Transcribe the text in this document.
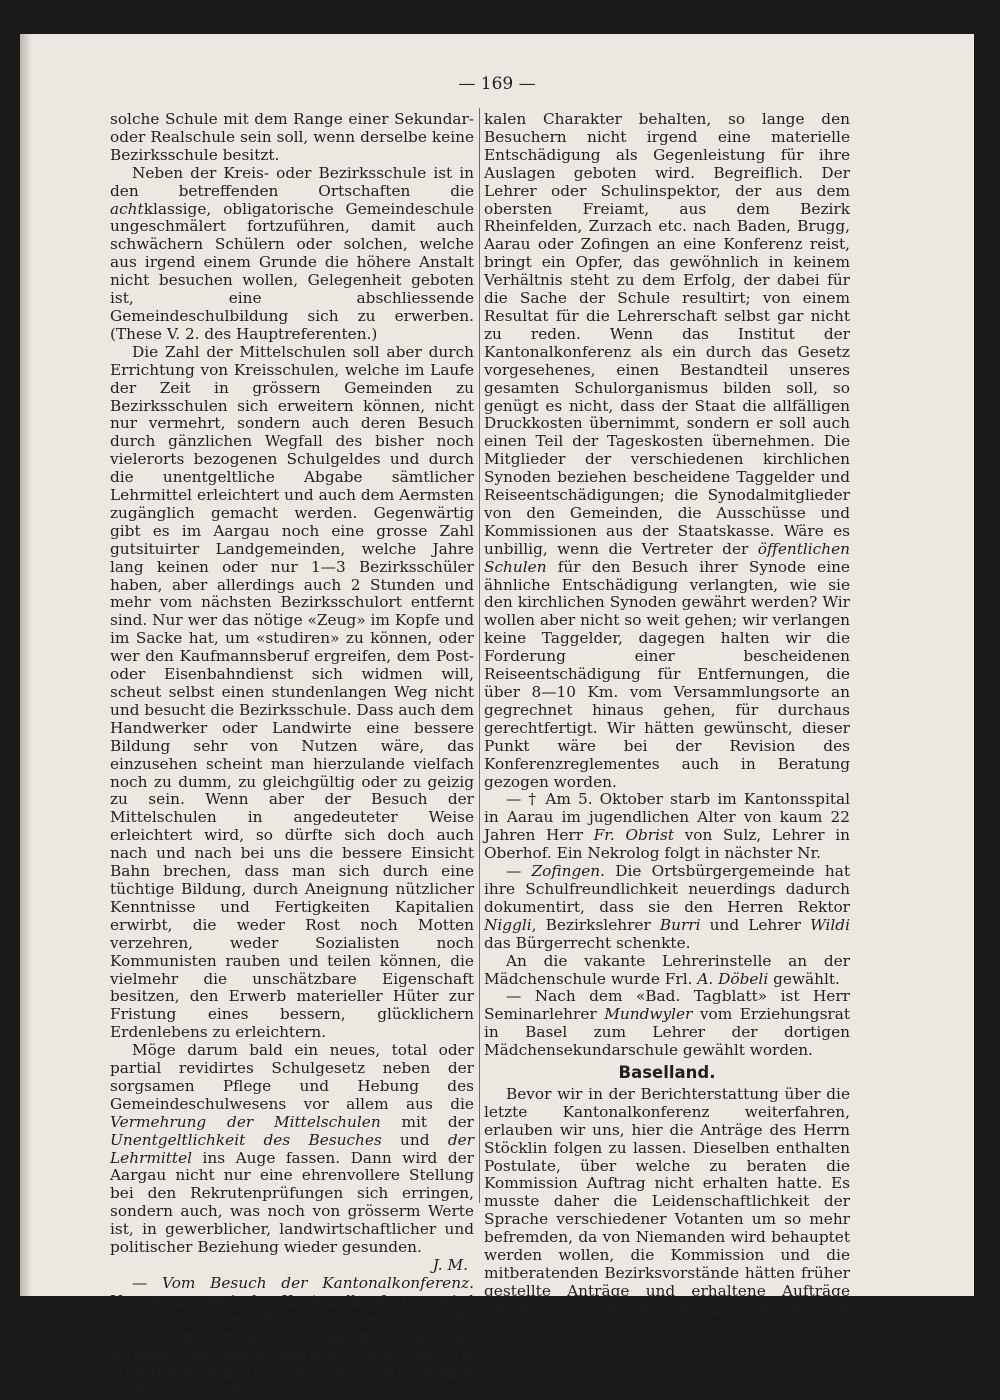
— 169 —

solche Schule mit dem Range einer Sekundar- oder Realschule sein soll, wenn derselbe keine Bezirksschule besitzt.

Neben der Kreis- oder Bezirksschule ist in den betreffenden Ortschaften die achtklassige, obligatorische Gemeindeschule ungeschmälert fortzuführen, damit auch schwächern Schülern oder solchen, welche aus irgend einem Grunde die höhere Anstalt nicht besuchen wollen, Gelegenheit geboten ist, eine abschliessende Gemeindeschulbildung sich zu erwerben. (These V. 2. des Hauptreferenten.)

Die Zahl der Mittelschulen soll aber durch Errichtung von Kreisschulen, welche im Laufe der Zeit in grössern Gemeinden zu Bezirksschulen sich erweitern können, nicht nur vermehrt, sondern auch deren Besuch durch gänzlichen Wegfall des bisher noch vielerorts bezogenen Schulgeldes und durch die unentgeltliche Abgabe sämtlicher Lehrmittel erleichtert und auch dem Aermsten zugänglich gemacht werden. Gegenwärtig gibt es im Aargau noch eine grosse Zahl gutsituirter Landgemeinden, welche Jahre lang keinen oder nur 1—3 Bezirksschüler haben, aber allerdings auch 2 Stunden und mehr vom nächsten Bezirksschulort entfernt sind. Nur wer das nötige «Zeug» im Kopfe und im Sacke hat, um «studiren» zu können, oder wer den Kaufmannsberuf ergreifen, dem Post- oder Eisenbahndienst sich widmen will, scheut selbst einen stundenlangen Weg nicht und besucht die Bezirksschule. Dass auch dem Handwerker oder Landwirte eine bessere Bildung sehr von Nutzen wäre, das einzusehen scheint man hierzulande vielfach noch zu dumm, zu gleichgültig oder zu geizig zu sein. Wenn aber der Besuch der Mittelschulen in angedeuteter Weise erleichtert wird, so dürfte sich doch auch nach und nach bei uns die bessere Einsicht Bahn brechen, dass man sich durch eine tüchtige Bildung, durch Aneignung nützlicher Kenntnisse und Fertigkeiten Kapitalien erwirbt, die weder Rost noch Motten verzehren, weder Sozialisten noch Kommunisten rauben und teilen können, die vielmehr die unschätzbare Eigenschaft besitzen, den Erwerb materieller Hüter zur Fristung eines bessern, glücklichern Erdenlebens zu erleichtern.

Möge darum bald ein neues, total oder partial revidirtes Schulgesetz neben der sorgsamen Pflege und Hebung des Gemeindeschulwesens vor allem aus die Vermehrung der Mittelschulen mit der Unentgeltlichkeit des Besuches und der Lehrmittel ins Auge fassen. Dann wird der Aargau nicht nur eine ehrenvollere Stellung bei den Rekrutenprüfungen sich erringen, sondern auch, was noch von grösserm Werte ist, in gewerblicher, landwirtschaftlicher und politischer Beziehung wieder gesunden.

J. M.

— Vom Besuch der Kantonalkonferenz. Unsere aargauische Kantonalkonferenz wird jeweilen von der Lehrerschaft der in der Nähe des Konferenzortes gelegenen Bezirke ziemlich zahlreich besucht, während die entferntern gar nicht oder nur sehr spärlich vertreten sind. Sie wird auch diesen lo-

kalen Charakter behalten, so lange den Besuchern nicht irgend eine materielle Entschädigung als Gegenleistung für ihre Auslagen geboten wird. Begreiflich. Der Lehrer oder Schulinspektor, der aus dem obersten Freiamt, aus dem Bezirk Rheinfelden, Zurzach etc. nach Baden, Brugg, Aarau oder Zofingen an eine Konferenz reist, bringt ein Opfer, das gewöhnlich in keinem Verhältnis steht zu dem Erfolg, der dabei für die Sache der Schule resultirt; von einem Resultat für die Lehrerschaft selbst gar nicht zu reden. Wenn das Institut der Kantonalkonferenz als ein durch das Gesetz vorgesehenes, einen Bestandteil unseres gesamten Schulorganismus bilden soll, so genügt es nicht, dass der Staat die allfälligen Druckkosten übernimmt, sondern er soll auch einen Teil der Tageskosten übernehmen. Die Mitglieder der verschiedenen kirchlichen Synoden beziehen bescheidene Taggelder und Reiseentschädigungen; die Synodalmitglieder von den Gemeinden, die Ausschüsse und Kommissionen aus der Staatskasse. Wäre es unbillig, wenn die Vertreter der öffentlichen Schulen für den Besuch ihrer Synode eine ähnliche Entschädigung verlangten, wie sie den kirchlichen Synoden gewährt werden? Wir wollen aber nicht so weit gehen; wir verlangen keine Taggelder, dagegen halten wir die Forderung einer bescheidenen Reiseentschädigung für Entfernungen, die über 8—10 Km. vom Versammlungsorte an gegrechnet hinaus gehen, für durchaus gerechtfertigt. Wir hätten gewünscht, dieser Punkt wäre bei der Revision des Konferenzreglementes auch in Beratung gezogen worden.

— † Am 5. Oktober starb im Kantonsspital in Aarau im jugendlichen Alter von kaum 22 Jahren Herr Fr. Obrist von Sulz, Lehrer in Oberhof. Ein Nekrolog folgt in nächster Nr.

— Zofingen. Die Ortsbürgergemeinde hat ihre Schulfreundlichkeit neuerdings dadurch dokumentirt, dass sie den Herren Rektor Niggli, Bezirkslehrer Burri und Lehrer Wildi das Bürgerrecht schenkte.

An die vakante Lehrerinstelle an der Mädchenschule wurde Frl. A. Döbeli gewählt.

— Nach dem «Bad. Tagblatt» ist Herr Seminarlehrer Mundwyler vom Erziehungsrat in Basel zum Lehrer der dortigen Mädchensekundarschule gewählt worden.

Baselland.

Bevor wir in der Berichterstattung über die letzte Kantonalkonferenz weiterfahren, erlauben wir uns, hier die Anträge des Herrn Stöcklin folgen zu lassen. Dieselben enthalten Postulate, über welche zu beraten die Kommission Auftrag nicht erhalten hatte. Es musste daher die Leidenschaftlichkeit der Sprache verschiedener Votanten um so mehr befremden, da von Niemanden wird behauptet werden wollen, die Kommission und die mitberatenden Bezirksvorstände hätten früher gestellte Anträge und erhaltene Aufträge ignorirt. Es ist in verschiedenen Kreisen auch aufgefallen,
